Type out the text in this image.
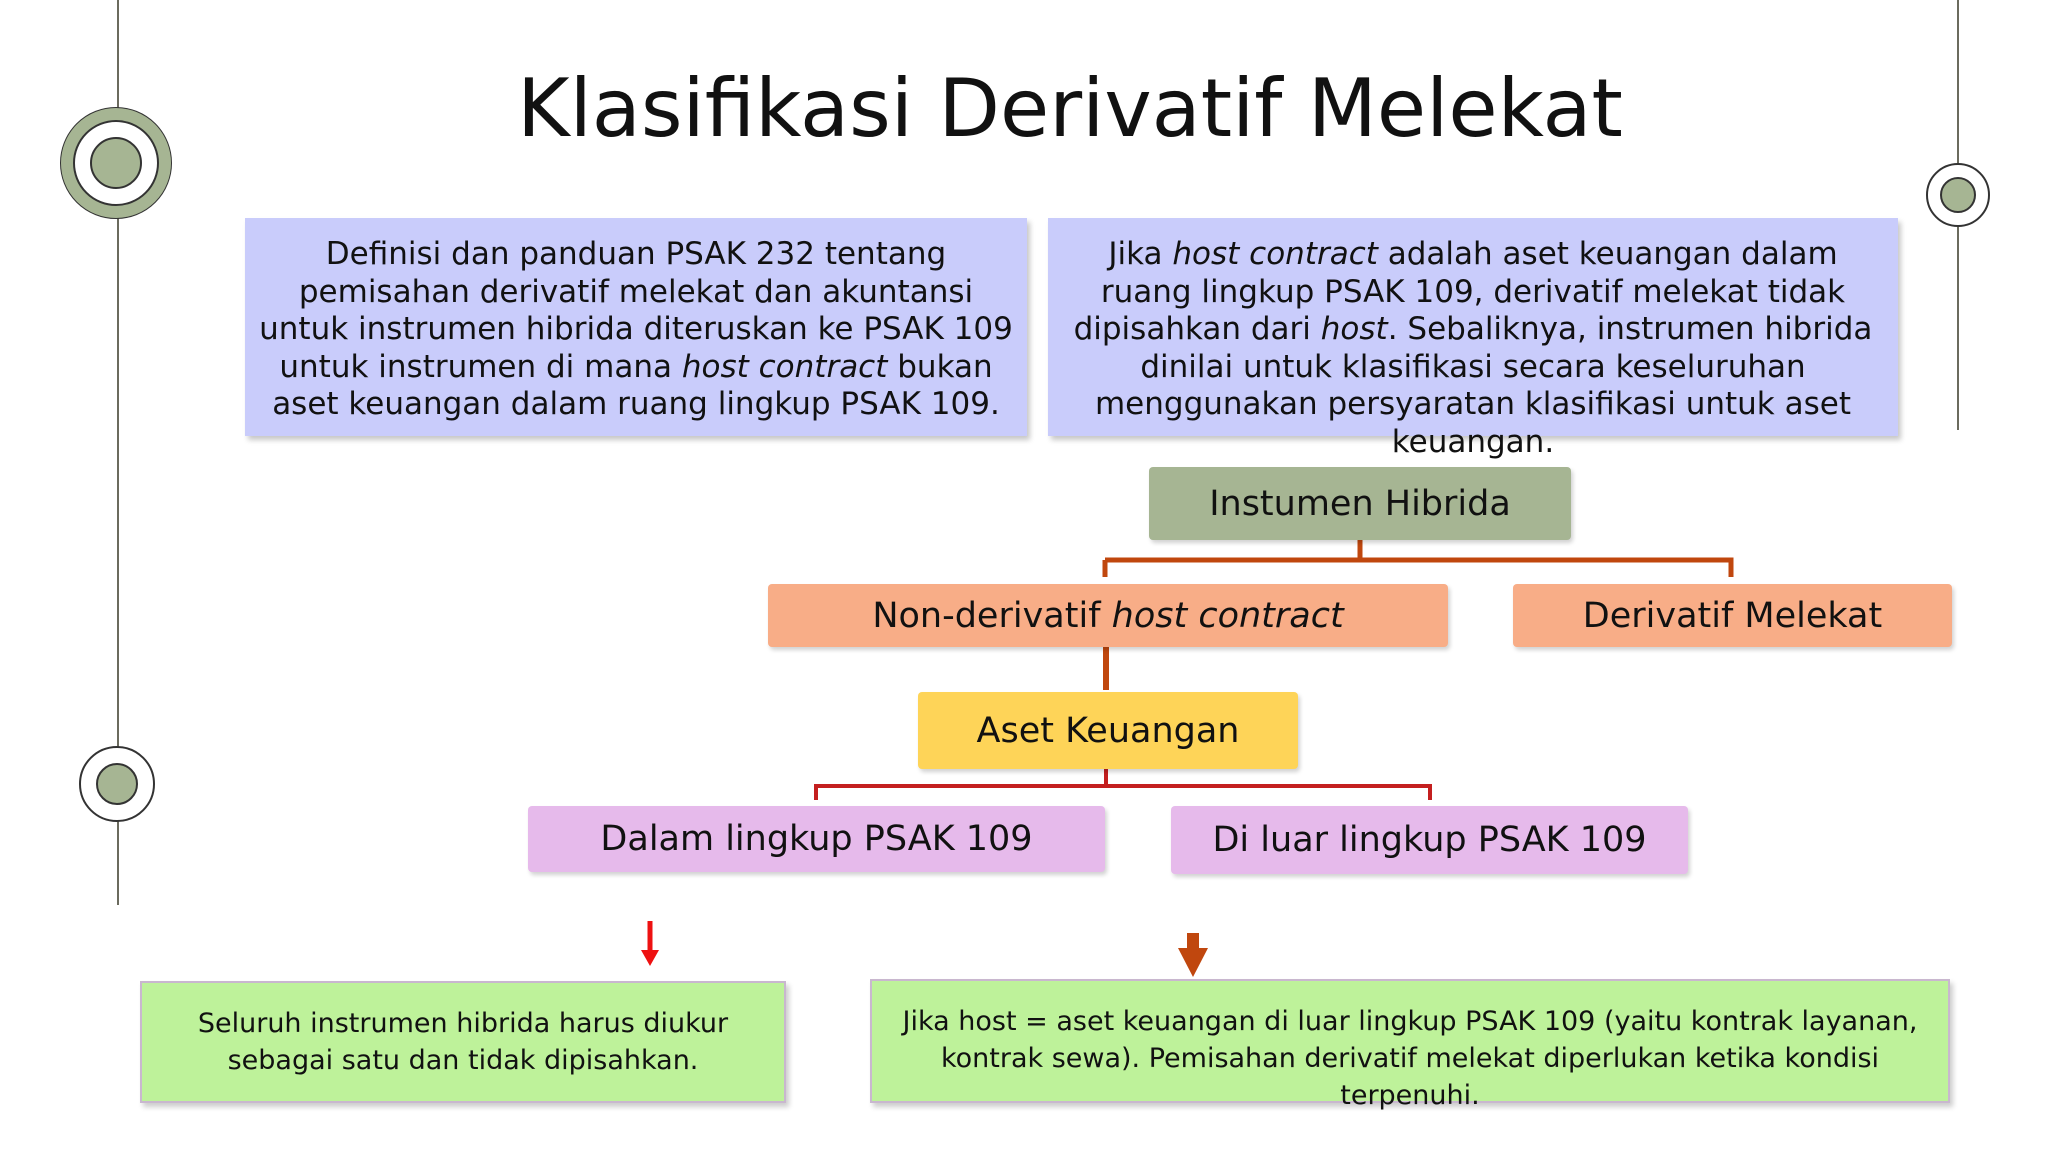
Klasifikasi Derivatif Melekat
Definisi dan panduan PSAK 232 tentang pemisahan derivatif melekat dan akuntansi untuk instrumen hibrida diteruskan ke PSAK 109 untuk instrumen di mana host contract bukan aset keuangan dalam ruang lingkup PSAK 109.
Jika host contract adalah aset keuangan dalam ruang lingkup PSAK 109, derivatif melekat tidak dipisahkan dari host. Sebaliknya, instrumen hibrida dinilai untuk klasifikasi secara keseluruhan menggunakan persyaratan klasifikasi untuk aset keuangan.
Instumen Hibrida
Non-derivatif host contract	Derivatif Melekat
Aset Keuangan
Dalam lingkup PSAK 109	Di luar lingkup PSAK 109
Seluruh instrumen hibrida harus diukur sebagai satu dan tidak dipisahkan.
Jika host = aset keuangan di luar lingkup PSAK 109 (yaitu kontrak layanan, kontrak sewa). Pemisahan derivatif melekat diperlukan ketika kondisi terpenuhi.
